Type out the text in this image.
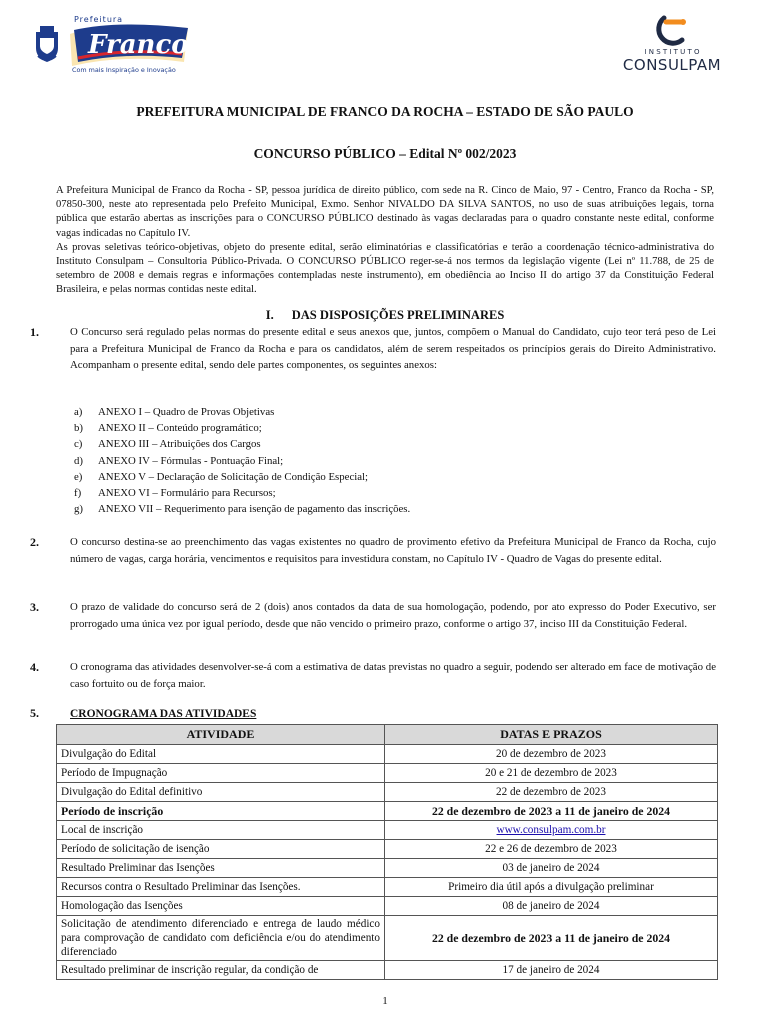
Prefeitura
Franco
Com mais Inspiração e Inovação
I N S T I T U T O
CONSULPAM
PREFEITURA MUNICIPAL DE FRANCO DA ROCHA – ESTADO DE SÃO PAULO
CONCURSO PÚBLICO – Edital Nº 002/2023

A Prefeitura Municipal de Franco da Rocha - SP, pessoa jurídica de direito público, com sede na R. Cinco de Maio, 97 - Centro, Franco da Rocha - SP, 07850-300, neste ato representada pelo Prefeito Municipal, Exmo. Senhor NIVALDO DA SILVA SANTOS, no uso de suas atribuições legais, torna pública que estarão abertas as inscrições para o CONCURSO PÚBLICO destinado às vagas declaradas para o quadro constante neste edital, conforme vagas indicadas no Capítulo IV.

As provas seletivas teórico-objetivas, objeto do presente edital, serão eliminatórias e classificatórias e terão a coordenação técnico-administrativa do Instituto Consulpam – Consultoria Público-Privada. O CONCURSO PÚBLICO reger-se-á nos termos da legislação vigente (Lei nº 11.788, de 25 de setembro de 2008 e demais regras e informações contempladas neste instrumento), em obediência ao Inciso II do artigo 37 da Constituição Federal Brasileira, e pelas normas contidas neste edital.

I. DAS DISPOSIÇÕES PRELIMINARES
1.	O Concurso será regulado pelas normas do presente edital e seus anexos que, juntos, compõem o Manual do Candidato, cujo teor terá peso de Lei para a Prefeitura Municipal de Franco da Rocha e para os candidatos, além de serem respeitados os princípios gerais do Direito Administrativo. Acompanham o presente edital, sendo dele partes componentes, os seguintes anexos:
a)	ANEXO I – Quadro de Provas Objetivas
b)	ANEXO II – Conteúdo programático;
c)	ANEXO III – Atribuições dos Cargos
d)	ANEXO IV – Fórmulas - Pontuação Final;
e)	ANEXO V – Declaração de Solicitação de Condição Especial;
f)	ANEXO VI – Formulário para Recursos;
g)	ANEXO VII – Requerimento para isenção de pagamento das inscrições.
2.	O concurso destina-se ao preenchimento das vagas existentes no quadro de provimento efetivo da Prefeitura Municipal de Franco da Rocha, cujo número de vagas, carga horária, vencimentos e requisitos para investidura constam, no Capítulo IV - Quadro de Vagas do presente edital.
3.	O prazo de validade do concurso será de 2 (dois) anos contados da data de sua homologação, podendo, por ato expresso do Poder Executivo, ser prorrogado uma única vez por igual período, desde que não vencido o primeiro prazo, conforme o artigo 37, inciso III da Constituição Federal.
4.	O cronograma das atividades desenvolver-se-á com a estimativa de datas previstas no quadro a seguir, podendo ser alterado em face de motivação de caso fortuito ou de força maior.
5.	CRONOGRAMA DAS ATIVIDADES
ATIVIDADE	DATAS E PRAZOS
Divulgação do Edital	20 de dezembro de 2023
Período de Impugnação	20 e 21 de dezembro de 2023
Divulgação do Edital definitivo	22 de dezembro de 2023
Período de inscrição	22 de dezembro de 2023 a 11 de janeiro de 2024
Local de inscrição	www.consulpam.com.br
Período de solicitação de isenção	22 e 26 de dezembro de 2023
Resultado Preliminar das Isenções	03 de janeiro de 2024
Recursos contra o Resultado Preliminar das Isenções.	Primeiro dia útil após a divulgação preliminar
Homologação das Isenções	08 de janeiro de 2024
Solicitação de atendimento diferenciado e entrega de laudo médico para comprovação de candidato com deficiência e/ou do atendimento diferenciado	22 de dezembro de 2023 a 11 de janeiro de 2024
Resultado preliminar de inscrição regular, da condição de	17 de janeiro de 2024
1
